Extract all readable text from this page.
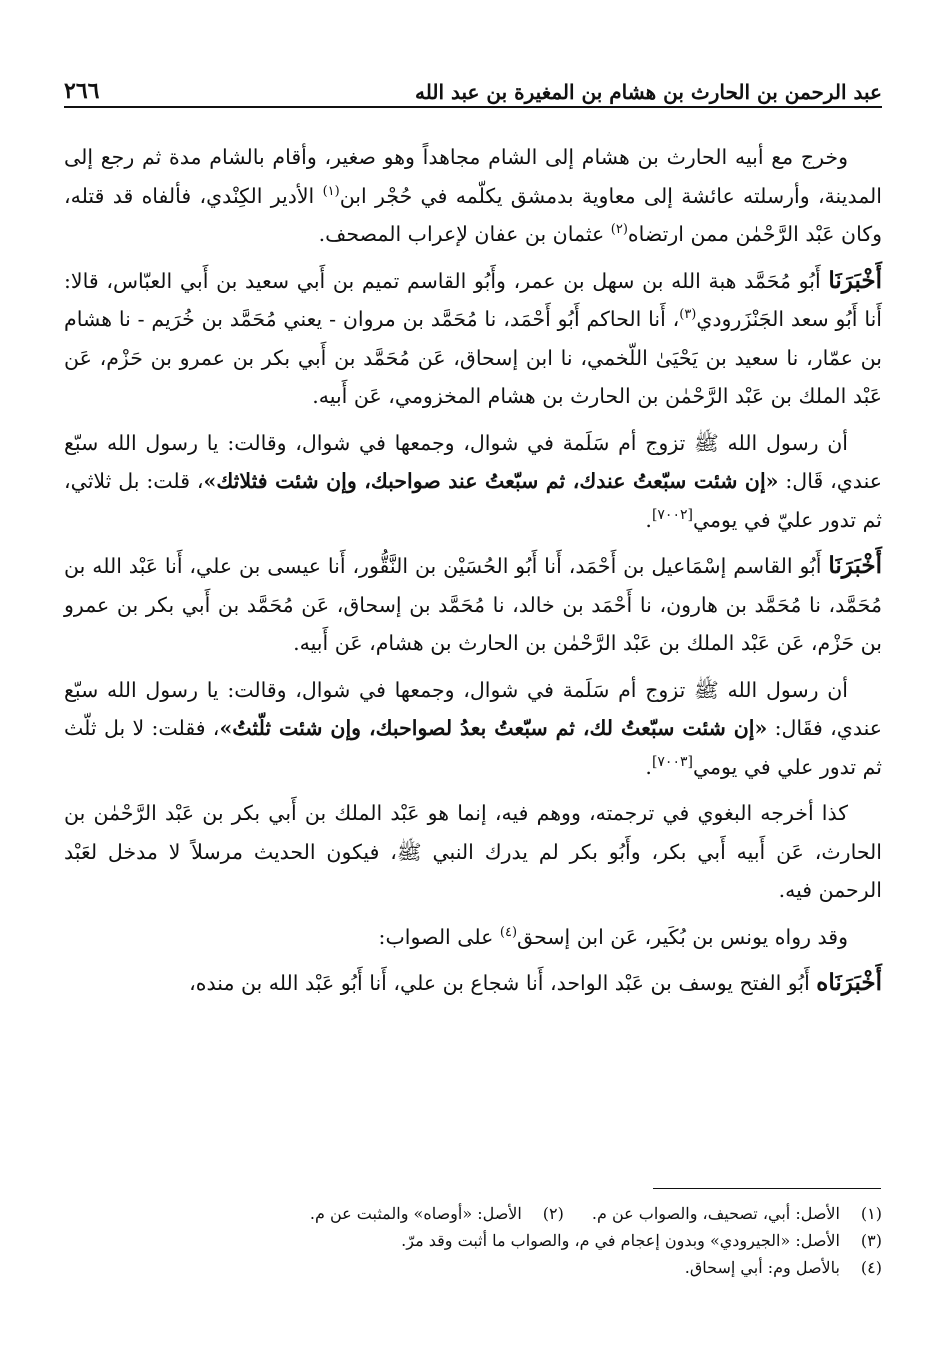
عبد الرحمن بن الحارث بن هشام بن المغيرة بن عبد الله
٢٦٦

وخرج مع أبيه الحارث بن هشام إلى الشام مجاهداً وهو صغير، وأقام بالشام مدة ثم رجع إلى المدينة، وأرسلته عائشة إلى معاوية بدمشق يكلّمه في حُجْر ابن$^{(١)}$ الأدير الكِنْدي، فألفاه قد قتله، وكان عَبْد الرَّحْمٰن ممن ارتضاه$^{(٢)}$ عثمان بن عفان لإعراب المصحف.

أَخْبَرَنَا أَبُو مُحَمَّد هبة الله بن سهل بن عمر، وأَبُو القاسم تميم بن أَبي سعيد بن أَبي العبّاس، قالا: أَنا أَبُو سعد الجَنْزَرودي$^{(٣)}$، أَنا الحاكم أَبُو أَحْمَد، نا مُحَمَّد بن مروان - يعني مُحَمَّد بن خُرَيم - نا هشام بن عمّار، نا سعيد بن يَحْيَىٰ اللّخمي، نا ابن إسحاق، عَن مُحَمَّد بن أَبي بكر بن عمرو بن حَزْم، عَن عَبْد الملك بن عَبْد الرَّحْمٰن بن الحارث بن هشام المخزومي، عَن أَبيه.

أن رسول الله ﷺ تزوج أم سَلَمة في شوال، وجمعها في شوال، وقالت: يا رسول الله سبّع عندي، قَال: «إن شئت سبّعتُ عندك، ثم سبّعتُ عند صواحبك، وإن شئت فثلاثك»، قلت: بل ثلاثي، ثم تدور عليّ في يومي[٧٠٠٢].

أَخْبَرَنَا أَبُو القاسم إسْمَاعيل بن أَحْمَد، أَنا أَبُو الحُسَيْن بن النَّقُّور، أَنا عيسى بن علي، أَنا عَبْد الله بن مُحَمَّد، نا مُحَمَّد بن هارون، نا أَحْمَد بن خالد، نا مُحَمَّد بن إسحاق، عَن مُحَمَّد بن أَبي بكر بن عمرو بن حَزْم، عَن عَبْد الملك بن عَبْد الرَّحْمٰن بن الحارث بن هشام، عَن أَبيه.

أن رسول الله ﷺ تزوج أم سَلَمة في شوال، وجمعها في شوال، وقالت: يا رسول الله سبّع عندي، فقَال: «إن شئت سبّعتُ لك، ثم سبّعتُ بعدُ لصواحبك، وإن شئت ثلّثتُ»، فقلت: لا بل ثلّث ثم تدور علي في يومي[٧٠٠٣].

كذا أخرجه البغوي في ترجمته، ووهم فيه، إنما هو عَبْد الملك بن أَبي بكر بن عَبْد الرَّحْمٰن بن الحارث، عَن أَبيه أَبي بكر، وأَبُو بكر لم يدرك النبي ﷺ، فيكون الحديث مرسلاً لا مدخل لعَبْد الرحمن فيه.

وقد رواه يونس بن بُكَير، عَن ابن إسحق$^{(٤)}$ على الصواب:

أَخْبَرَنَاه أَبُو الفتح يوسف بن عَبْد الواحد، أَنا شجاع بن علي، أَنا أَبُو عَبْد الله بن منده،

(١)
الأصل: أبي، تصحيف، والصواب عن م.
(٢)
الأصل: «أوصاه» والمثبت عن م.
(٣)
الأصل: «الجيرودي» وبدون إعجام في م، والصواب ما أثبت وقد مرّ.
(٤)
بالأصل وم: أبي إسحاق.
